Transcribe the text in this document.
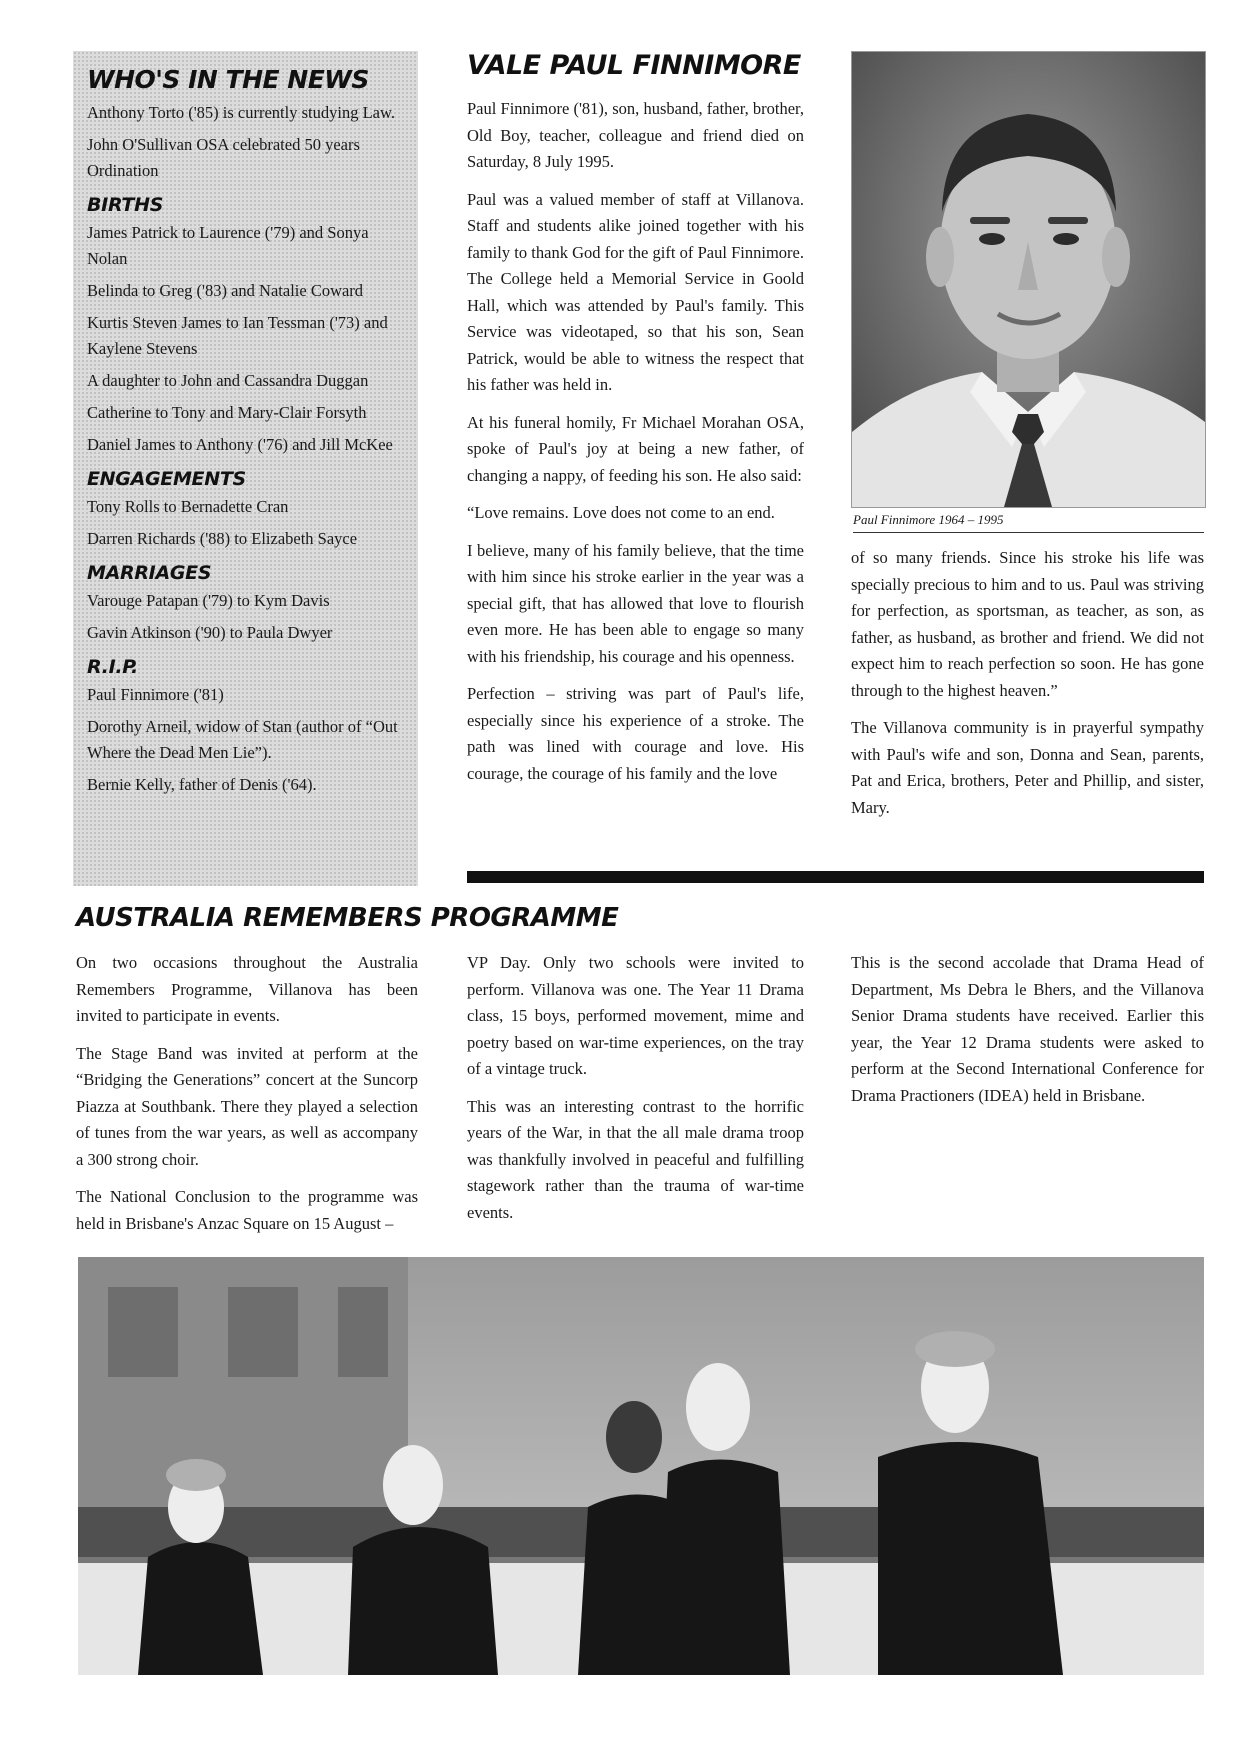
WHO'S IN THE NEWS
Anthony Torto ('85) is currently studying Law.
John O'Sullivan OSA celebrated 50 years Ordination
BIRTHS
James Patrick to Laurence ('79) and Sonya Nolan
Belinda to Greg ('83) and Natalie Coward
Kurtis Steven James to Ian Tessman ('73) and Kaylene Stevens
A daughter to John and Cassandra Duggan
Catherine to Tony and Mary-Clair Forsyth
Daniel James to Anthony ('76) and Jill McKee
ENGAGEMENTS
Tony Rolls to Bernadette Cran
Darren Richards ('88) to Elizabeth Sayce
MARRIAGES
Varouge Patapan ('79) to Kym Davis
Gavin Atkinson ('90) to Paula Dwyer
R.I.P.
Paul Finnimore ('81)
Dorothy Arneil, widow of Stan (author of “Out Where the Dead Men Lie”).
Bernie Kelly, father of Denis ('64).
VALE PAUL FINNIMORE

Paul Finnimore ('81), son, husband, father, brother, Old Boy, teacher, colleague and friend died on Saturday, 8 July 1995.

Paul was a valued member of staff at Villanova. Staff and students alike joined together with his family to thank God for the gift of Paul Finnimore. The College held a Memorial Service in Goold Hall, which was attended by Paul's family. This Service was videotaped, so that his son, Sean Patrick, would be able to witness the respect that his father was held in.

At his funeral homily, Fr Michael Morahan OSA, spoke of Paul's joy at being a new father, of changing a nappy, of feeding his son. He also said:

“Love remains. Love does not come to an end.

I believe, many of his family believe, that the time with him since his stroke earlier in the year was a special gift, that has allowed that love to flourish even more. He has been able to engage so many with his friendship, his courage and his openness.

Perfection – striving was part of Paul's life, especially since his experience of a stroke. The path was lined with courage and love. His courage, the courage of his family and the love

Paul Finnimore 1964 – 1995

of so many friends. Since his stroke his life was specially precious to him and to us. Paul was striving for perfection, as sportsman, as teacher, as son, as father, as husband, as brother and friend. We did not expect him to reach perfection so soon. He has gone through to the highest heaven.”

The Villanova community is in prayerful sympathy with Paul's wife and son, Donna and Sean, parents, Pat and Erica, brothers, Peter and Phillip, and sister, Mary.

AUSTRALIA REMEMBERS PROGRAMME

On two occasions throughout the Australia Remembers Programme, Villanova has been invited to participate in events.

The Stage Band was invited at perform at the “Bridging the Generations” concert at the Suncorp Piazza at Southbank. There they played a selection of tunes from the war years, as well as accompany a 300 strong choir.

The National Conclusion to the programme was held in Brisbane's Anzac Square on 15 August –

VP Day. Only two schools were invited to perform. Villanova was one. The Year 11 Drama class, 15 boys, performed movement, mime and poetry based on war-time experiences, on the tray of a vintage truck.

This was an interesting contrast to the horrific years of the War, in that the all male drama troop was thankfully involved in peaceful and fulfilling stagework rather than the trauma of war-time events.

This is the second accolade that Drama Head of Department, Ms Debra le Bhers, and the Villanova Senior Drama students have received. Earlier this year, the Year 12 Drama students were asked to perform at the Second International Conference for Drama Practioners (IDEA) held in Brisbane.
